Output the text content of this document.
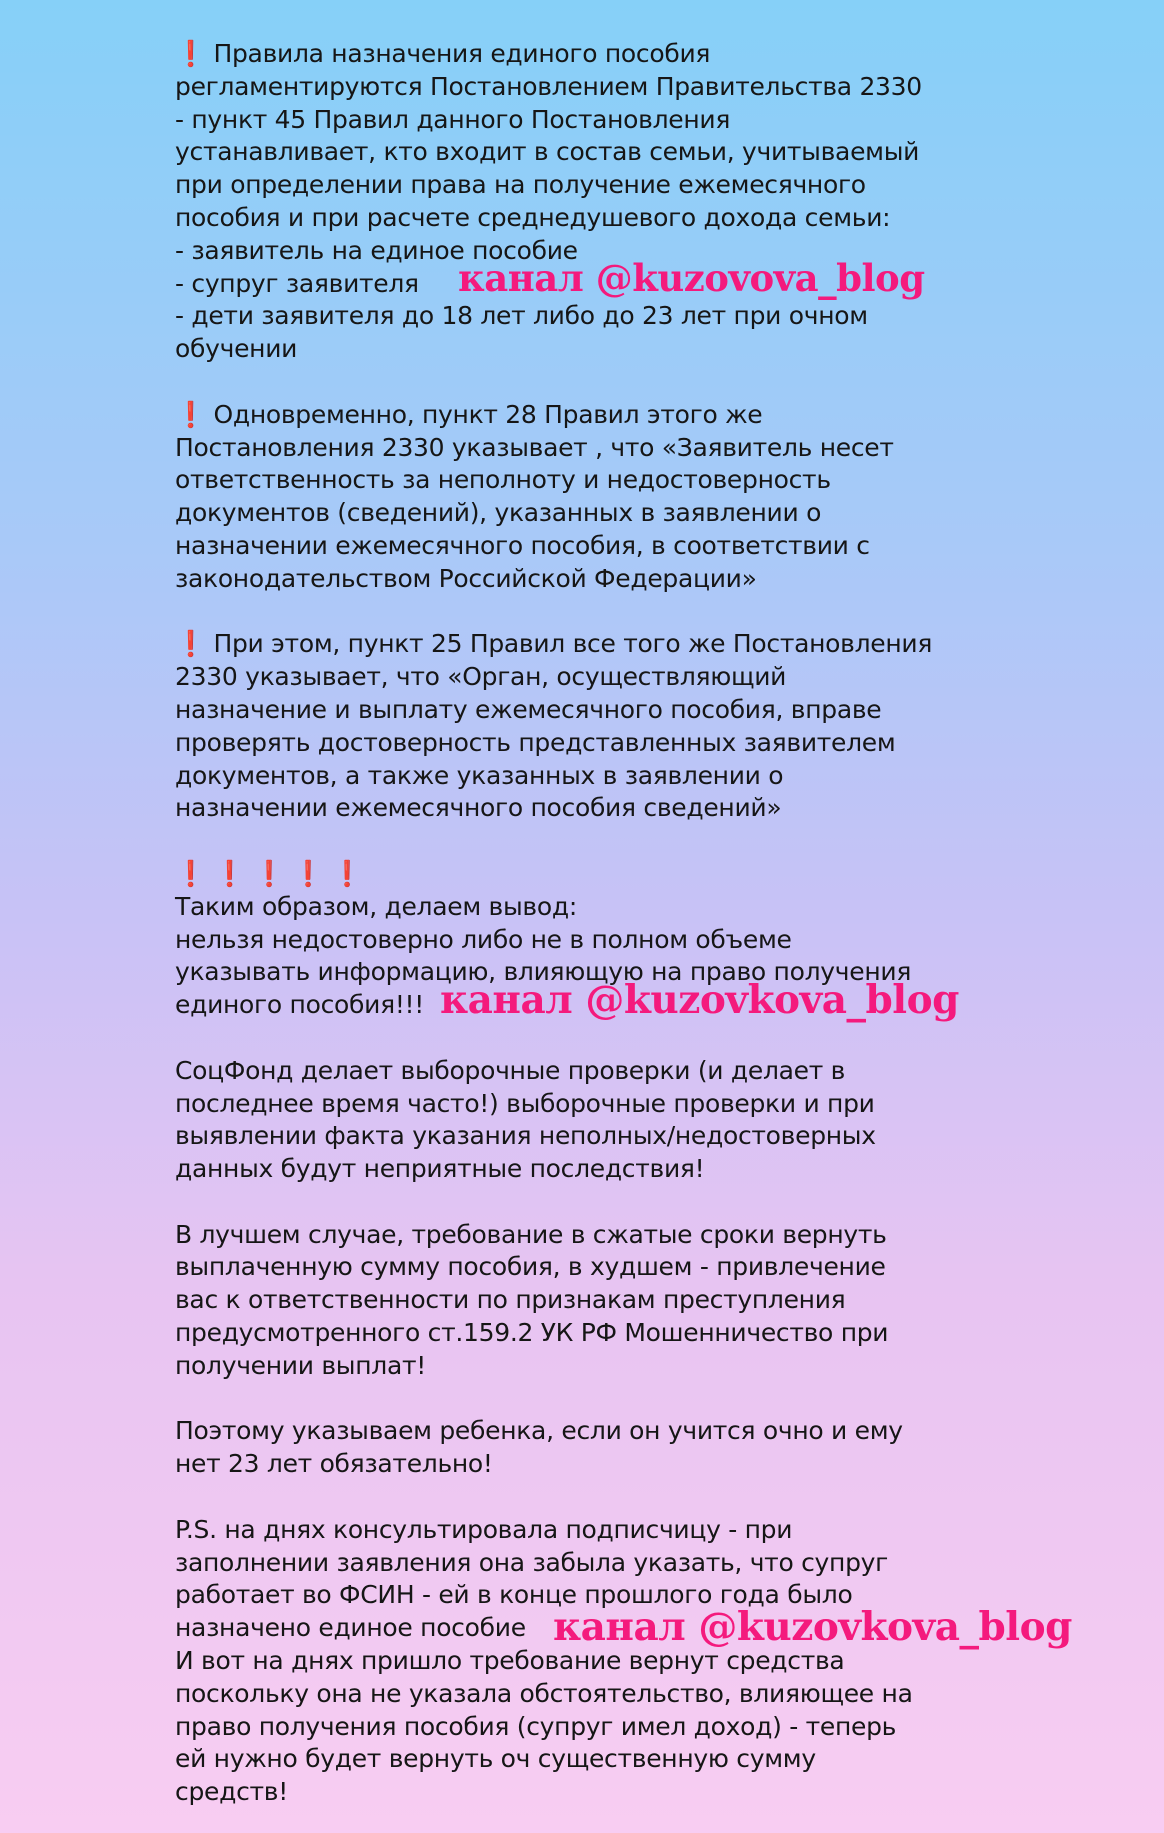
❗️ Правила назначения единого пособия
регламентируются Постановлением Правительства 2330
- пункт 45 Правил данного Постановления
устанавливает, кто входит в состав семьи, учитываемый
при определении права на получение ежемесячного
пособия и при расчете среднедушевого дохода семьи:
- заявитель на единое пособие
- супруг заявителя
- дети заявителя до 18 лет либо до 23 лет при очном
обучении
❗️ Одновременно, пункт 28 Правил этого же
Постановления 2330 указывает , что «Заявитель несет
ответственность за неполноту и недостоверность
документов (сведений), указанных в заявлении о
назначении ежемесячного пособия, в соответствии с
законодательством Российской Федерации»
❗️ При этом, пункт 25 Правил все того же Постановления
2330 указывает, что «Орган, осуществляющий
назначение и выплату ежемесячного пособия, вправе
проверять достоверность представленных заявителем
документов, а также указанных в заявлении о
назначении ежемесячного пособия сведений»
❗️ ❗️ ❗️ ❗️ ❗️
Таким образом, делаем вывод:
нельзя недостоверно либо не в полном объеме
указывать информацию, влияющую на право получения
единого пособия!!!
СоцФонд делает выборочные проверки (и делает в
последнее время часто!) выборочные проверки и при
выявлении факта указания неполных/недостоверных
данных будут неприятные последствия!
В лучшем случае, требование в сжатые сроки вернуть
выплаченную сумму пособия, в худшем - привлечение
вас к ответственности по признакам преступления
предусмотренного ст.159.2 УК РФ Мошенничество при
получении выплат!
Поэтому указываем ребенка, если он учится очно и ему
нет 23 лет обязательно!
P.S. на днях консультировала подписчицу - при
заполнении заявления она забыла указать, что супруг
работает во ФСИН - ей в конце прошлого года было
назначено единое пособие
И вот на днях пришло требование вернут средства
поскольку она не указала обстоятельство, влияющее на
право получения пособия (супруг имел доход) - теперь
ей нужно будет вернуть оч существенную сумму
средств!
канал @kuzovova_blog
канал @kuzovkova_blog
канал @kuzovkova_blog
